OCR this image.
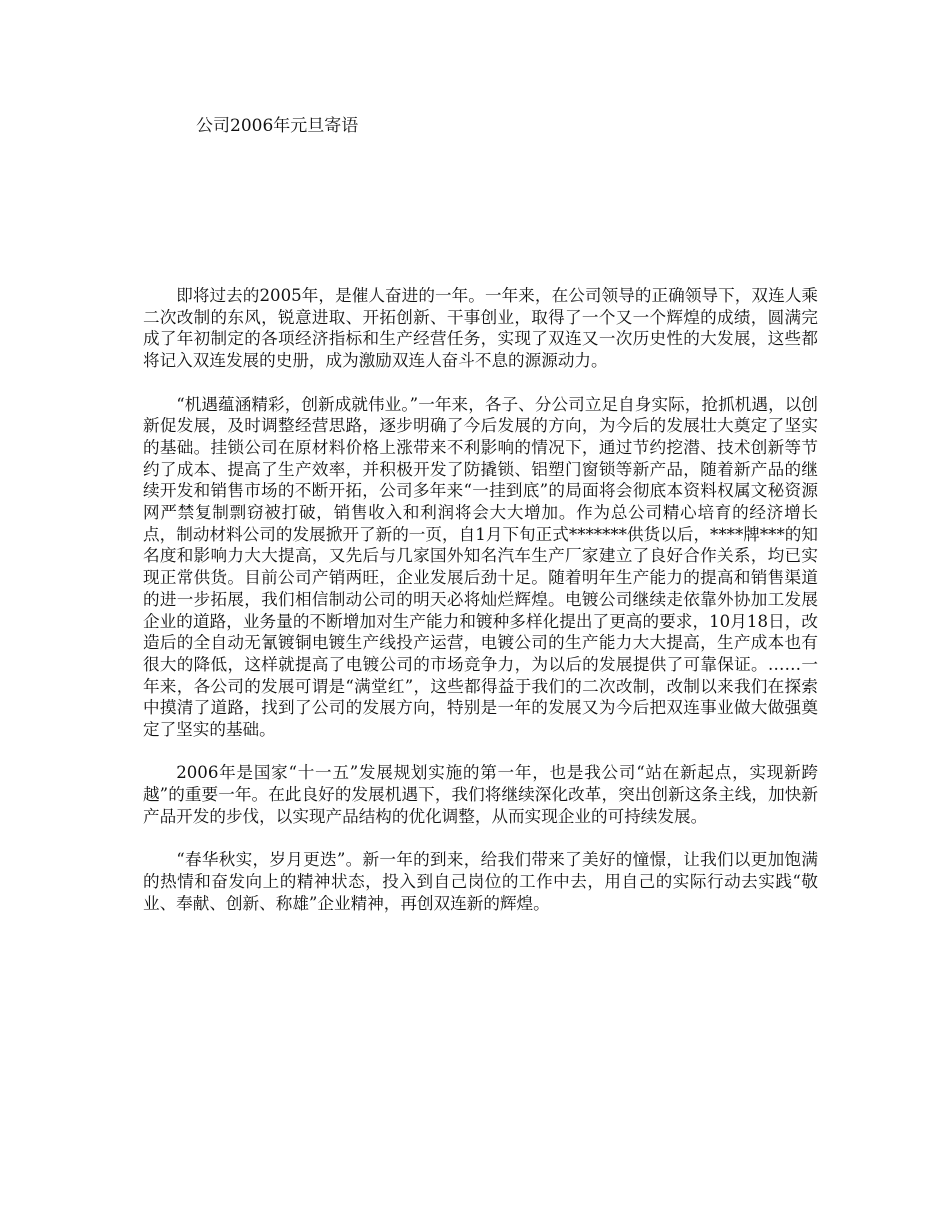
公司2006年元旦寄语

即将过去的2005年，是催人奋进的一年。一年来，在公司领导的正确领导下，双连人乘二次改制的东风，锐意进取、开拓创新、干事创业，取得了一个又一个辉煌的成绩，圆满完成了年初制定的各项经济指标和生产经营任务，实现了双连又一次历史性的大发展，这些都将记入双连发展的史册，成为激励双连人奋斗不息的源源动力。

“机遇蕴涵精彩，创新成就伟业。”一年来，各子、分公司立足自身实际，抢抓机遇，以创新促发展，及时调整经营思路，逐步明确了今后发展的方向，为今后的发展壮大奠定了坚实的基础。挂锁公司在原材料价格上涨带来不利影响的情况下，通过节约挖潜、技术创新等节约了成本、提高了生产效率，并积极开发了防撬锁、铝塑门窗锁等新产品，随着新产品的继续开发和销售市场的不断开拓，公司多年来“一挂到底”的局面将会彻底本资料权属文秘资源网严禁复制剽窃被打破，销售收入和利润将会大大增加。作为总公司精心培育的经济增长点，制动材料公司的发展掀开了新的一页，自1月下旬正式*******供货以后，****牌***的知名度和影响力大大提高，又先后与几家国外知名汽车生产厂家建立了良好合作关系，均已实现正常供货。目前公司产销两旺，企业发展后劲十足。随着明年生产能力的提高和销售渠道的进一步拓展，我们相信制动公司的明天必将灿烂辉煌。电镀公司继续走依靠外协加工发展企业的道路，业务量的不断增加对生产能力和镀种多样化提出了更高的要求，10月18日，改造后的全自动无氰镀铜电镀生产线投产运营，电镀公司的生产能力大大提高，生产成本也有很大的降低，这样就提高了电镀公司的市场竞争力，为以后的发展提供了可靠保证。……一年来，各公司的发展可谓是“满堂红”，这些都得益于我们的二次改制，改制以来我们在探索中摸清了道路，找到了公司的发展方向，特别是一年的发展又为今后把双连事业做大做强奠定了坚实的基础。

2006年是国家“十一五”发展规划实施的第一年，也是我公司“站在新起点，实现新跨越”的重要一年。在此良好的发展机遇下，我们将继续深化改革，突出创新这条主线，加快新产品开发的步伐，以实现产品结构的优化调整，从而实现企业的可持续发展。

“春华秋实，岁月更迭”。新一年的到来，给我们带来了美好的憧憬，让我们以更加饱满的热情和奋发向上的精神状态，投入到自己岗位的工作中去，用自己的实际行动去实践“敬业、奉献、创新、称雄”企业精神，再创双连新的辉煌。
